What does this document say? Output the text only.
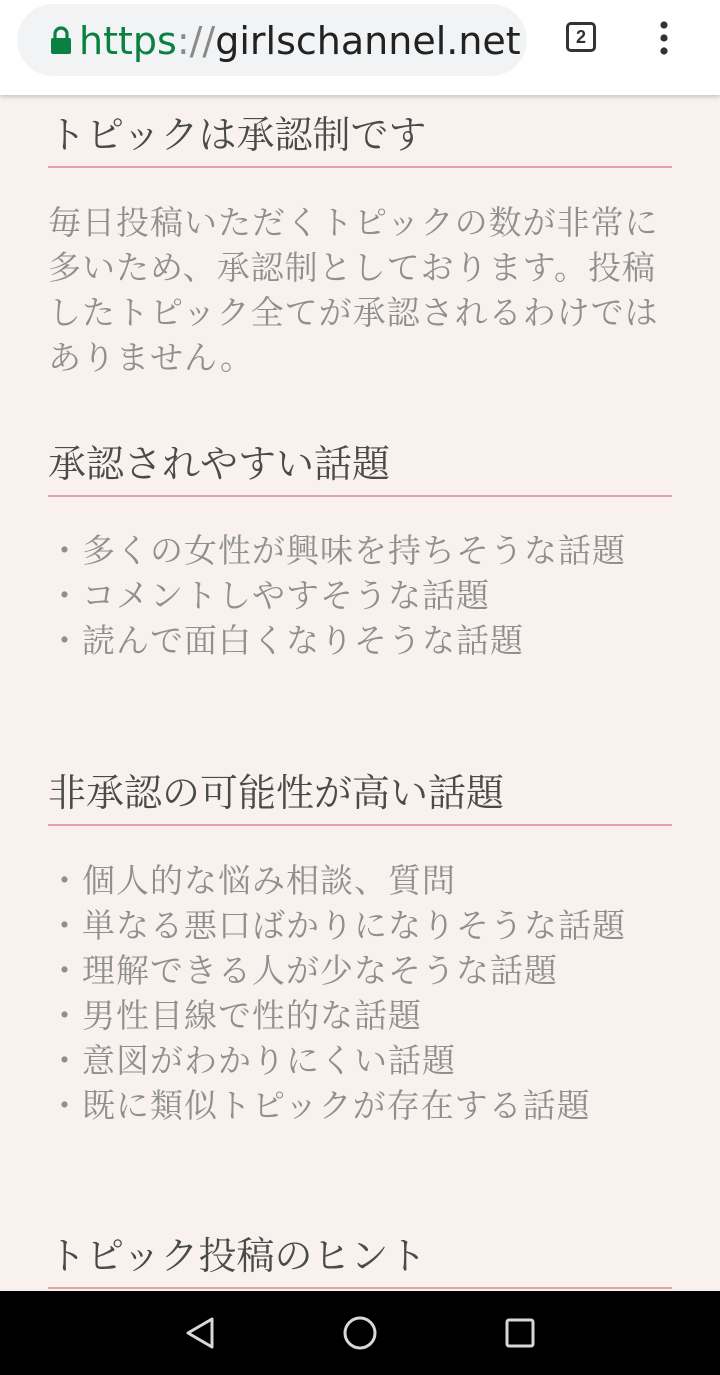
https://girlschannel.net	2
トピックは承認制です

毎日投稿いただくトピックの数が非常に多いため、承認制としております。投稿したトピック全てが承認されるわけではありません。

承認されやすい話題
・多くの女性が興味を持ちそうな話題
・コメントしやすそうな話題
・読んで面白くなりそうな話題
非承認の可能性が高い話題
・個人的な悩み相談、質問
・単なる悪口ばかりになりそうな話題
・理解できる人が少なそうな話題
・男性目線で性的な話題
・意図がわかりにくい話題
・既に類似トピックが存在する話題
トピック投稿のヒント
